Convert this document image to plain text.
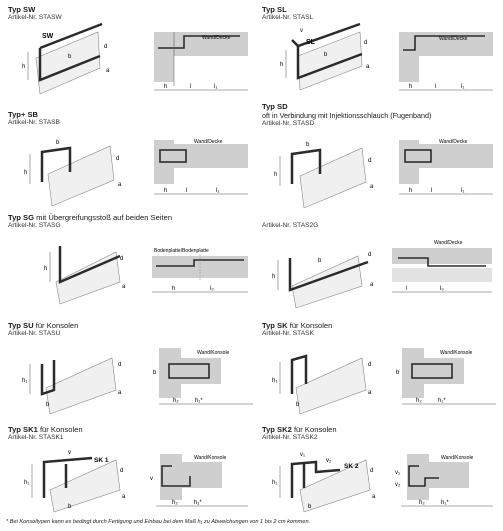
Typ SW
Artikel-Nr. STASW
h
b
d
a
SW	Wand/Decke
h	l	l₁
Typ SL
Artikel-Nr. STASL
h
v
b
d
a
SL	Wand/Decke
h	l	l₁
Typ+ SB
Artikel-Nr. STASB
h
b
d
a
Wand/Decke
h	l	l₁
Typ SD
oft in Verbindung mit Injektionsschlauch (Fugenband)
Artikel-Nr. STASD
h
b
d
a
Wand/Decke
h	l	l₁
Typ SG mit Übergreifungsstoß auf beiden Seiten
Artikel-Nr. STASG
h
d
a
Bodenplatte/Bodenplatte
h	l₀
Artikel-Nr. STAS2G
h
b
d
a
Wand/Decke
l	l₀
Typ SU für Konsolen
Artikel-Nr. STASU
h₁
b
d
a
Wand/Konsole
h₂	h₁*
b
Typ SK für Konsolen
Artikel-Nr. STASK
h₁
b
d
a
Wand/Konsole
h₂	h₁*
b
Typ SK1 für Konsolen
Artikel-Nr. STASK1
h₁
v
b
d
a
SK 1	Wand/Konsole
v
h₂	h₁*
Typ SK2 für Konsolen
Artikel-Nr. STASK2
h₁
v₁
v₂
b
d
a
SK 2
Wand/Konsole
v₁
v₂
h₂	h₁*
* Bei Konsoltypen kann es bedingt durch Fertigung und Einbau bei dem Maß h₁ zu Abweichungen von 1 bis 2 cm kommen.
